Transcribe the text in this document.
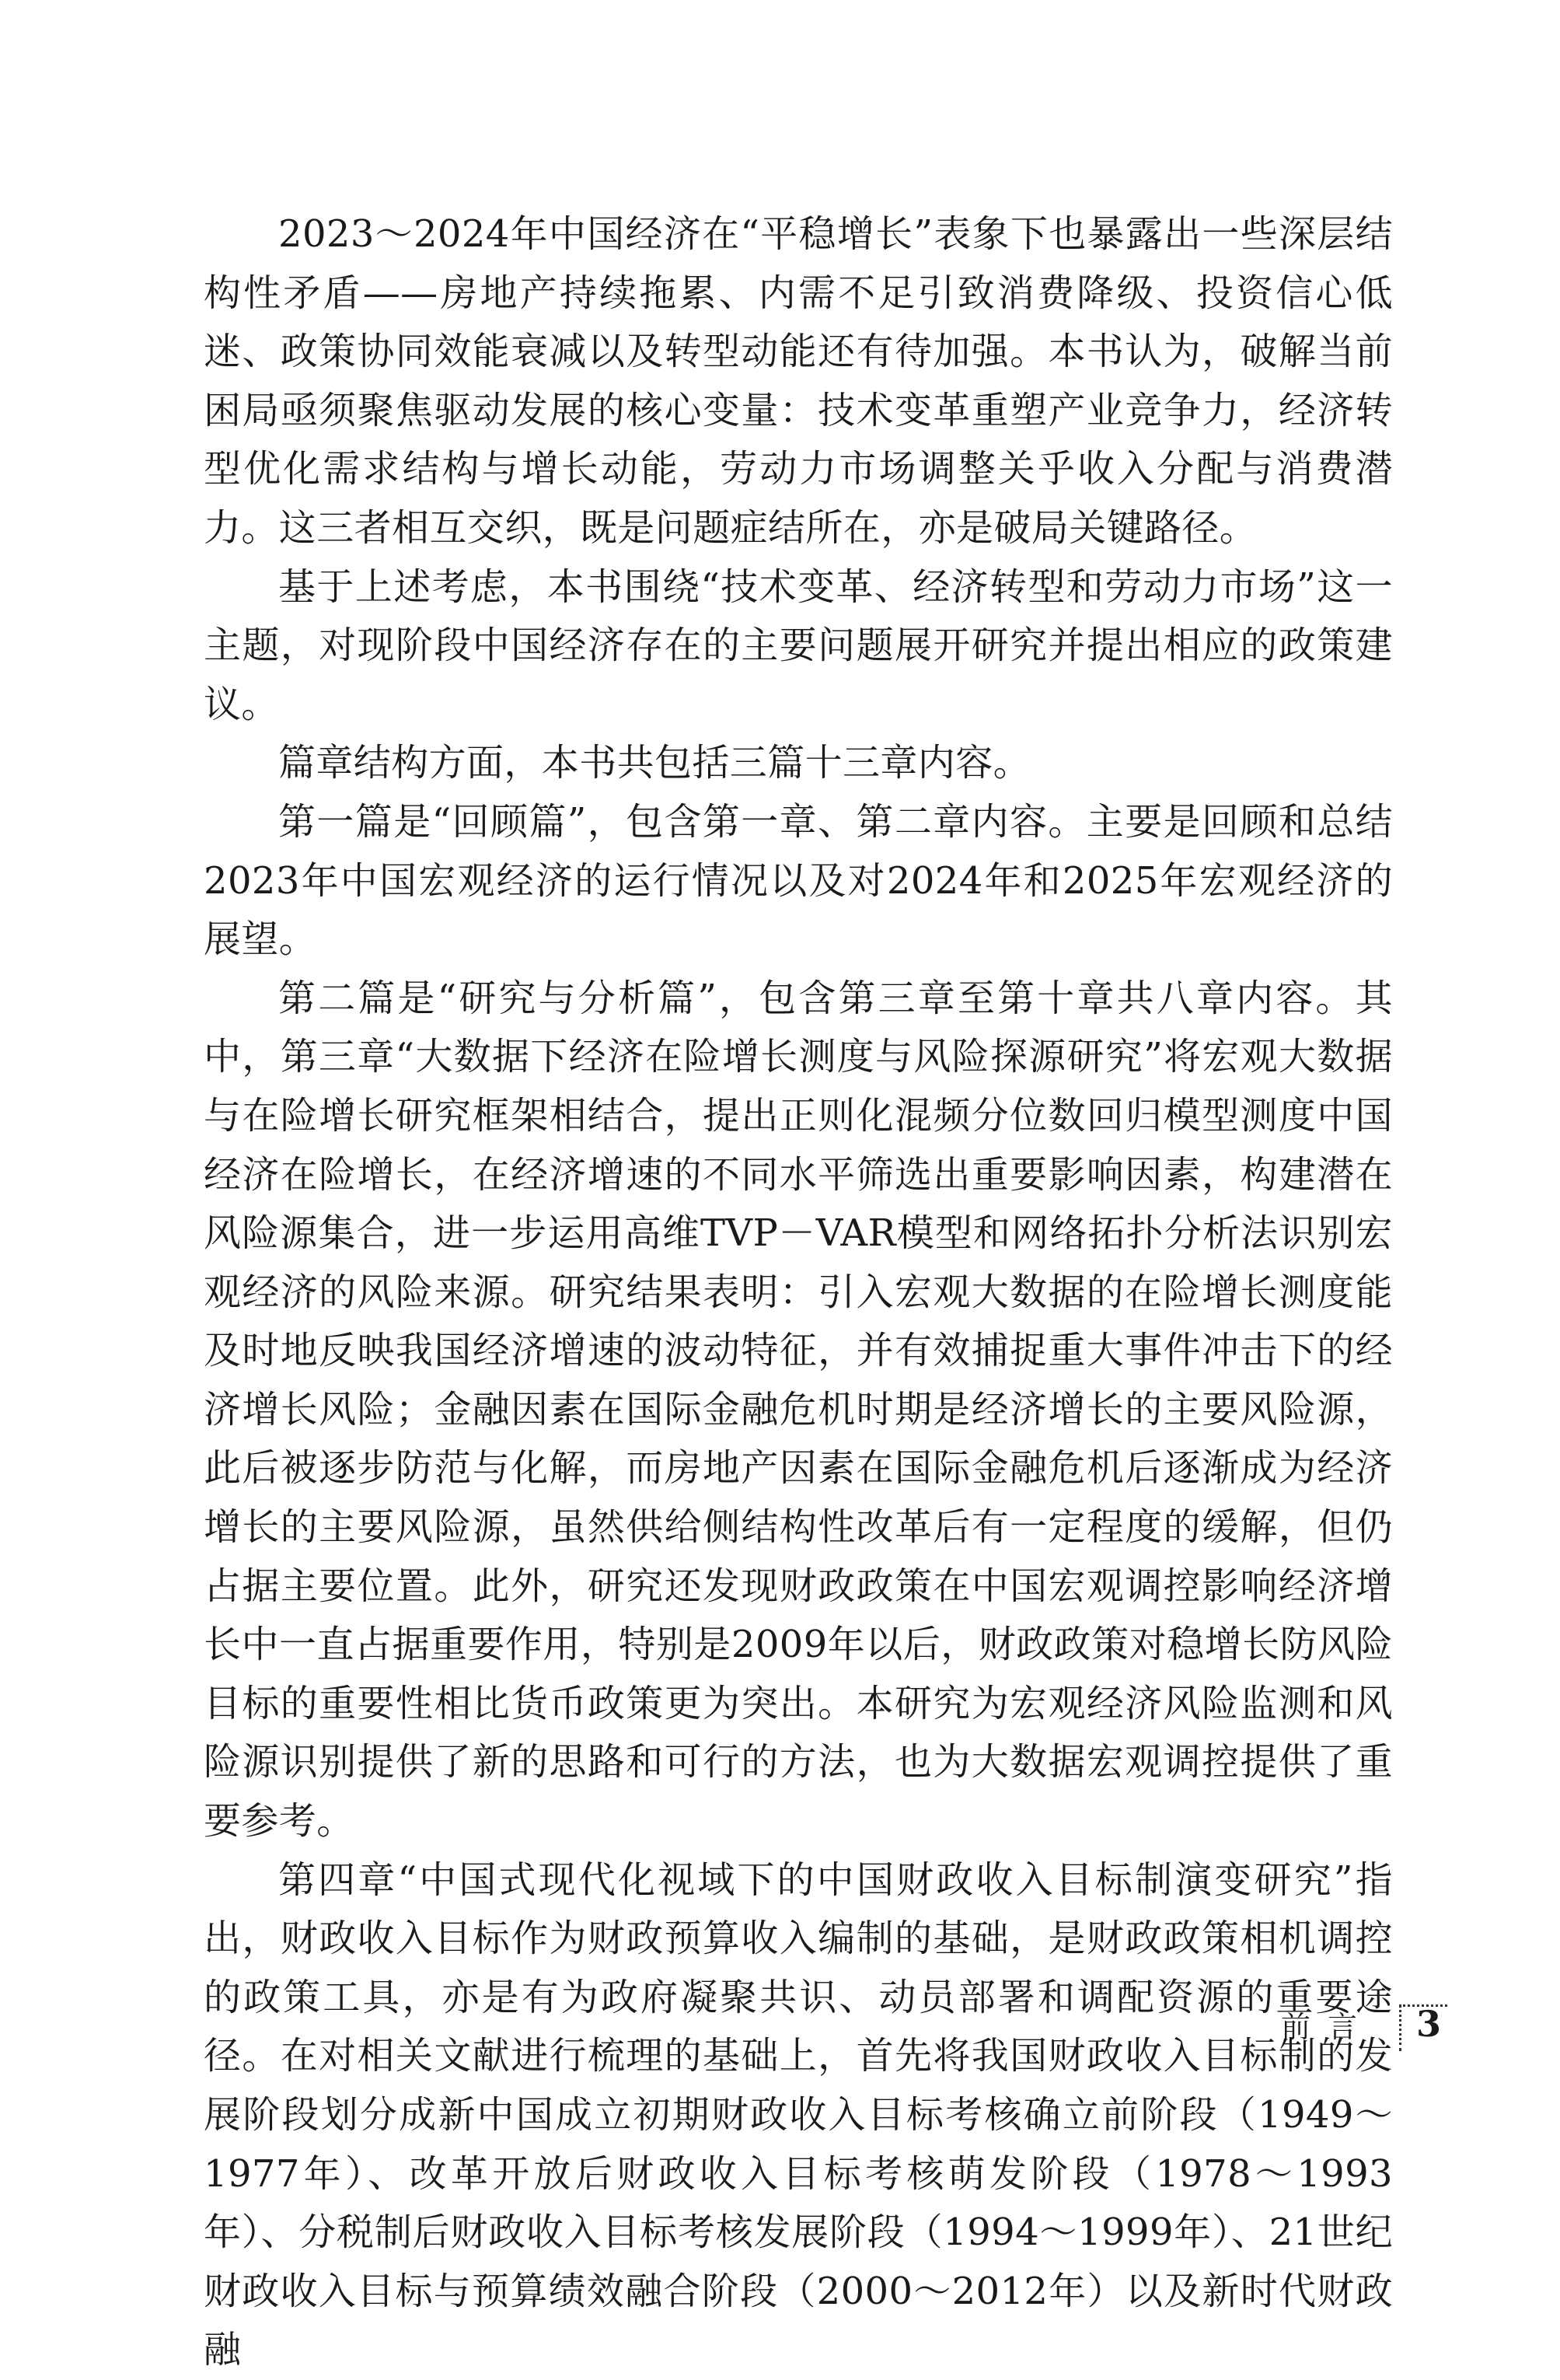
2023～2024年中国经济在“平稳增长”表象下也暴露出一些深层结构性矛盾——房地产持续拖累、内需不足引致消费降级、投资信心低迷、政策协同效能衰减以及转型动能还有待加强。本书认为，破解当前困局亟须聚焦驱动发展的核心变量：技术变革重塑产业竞争力，经济转型优化需求结构与增长动能，劳动力市场调整关乎收入分配与消费潜力。这三者相互交织，既是问题症结所在，亦是破局关键路径。

基于上述考虑，本书围绕“技术变革、经济转型和劳动力市场”这一主题，对现阶段中国经济存在的主要问题展开研究并提出相应的政策建议。

篇章结构方面，本书共包括三篇十三章内容。

第一篇是“回顾篇”，包含第一章、第二章内容。主要是回顾和总结2023年中国宏观经济的运行情况以及对2024年和2025年宏观经济的展望。

第二篇是“研究与分析篇”，包含第三章至第十章共八章内容。其中，第三章“大数据下经济在险增长测度与风险探源研究”将宏观大数据与在险增长研究框架相结合，提出正则化混频分位数回归模型测度中国经济在险增长，在经济增速的不同水平筛选出重要影响因素，构建潜在风险源集合，进一步运用高维TVP－VAR模型和网络拓扑分析法识别宏观经济的风险来源。研究结果表明：引入宏观大数据的在险增长测度能及时地反映我国经济增速的波动特征，并有效捕捉重大事件冲击下的经济增长风险；金融因素在国际金融危机时期是经济增长的主要风险源，此后被逐步防范与化解，而房地产因素在国际金融危机后逐渐成为经济增长的主要风险源，虽然供给侧结构性改革后有一定程度的缓解，但仍占据主要位置。此外，研究还发现财政政策在中国宏观调控影响经济增长中一直占据重要作用，特别是2009年以后，财政政策对稳增长防风险目标的重要性相比货币政策更为突出。本研究为宏观经济风险监测和风险源识别提供了新的思路和可行的方法，也为大数据宏观调控提供了重要参考。

第四章“中国式现代化视域下的中国财政收入目标制演变研究”指出，财政收入目标作为财政预算收入编制的基础，是财政政策相机调控的政策工具，亦是有为政府凝聚共识、动员部署和调配资源的重要途径。在对相关文献进行梳理的基础上，首先将我国财政收入目标制的发展阶段划分成新中国成立初期财政收入目标考核确立前阶段（1949～1977年）、改革开放后财政收入目标考核萌发阶段（1978～1993年）、分税制后财政收入目标考核发展阶段（1994～1999年）、21世纪财政收入目标与预算绩效融合阶段（2000～2012年）以及新时代财政融

前言 3
